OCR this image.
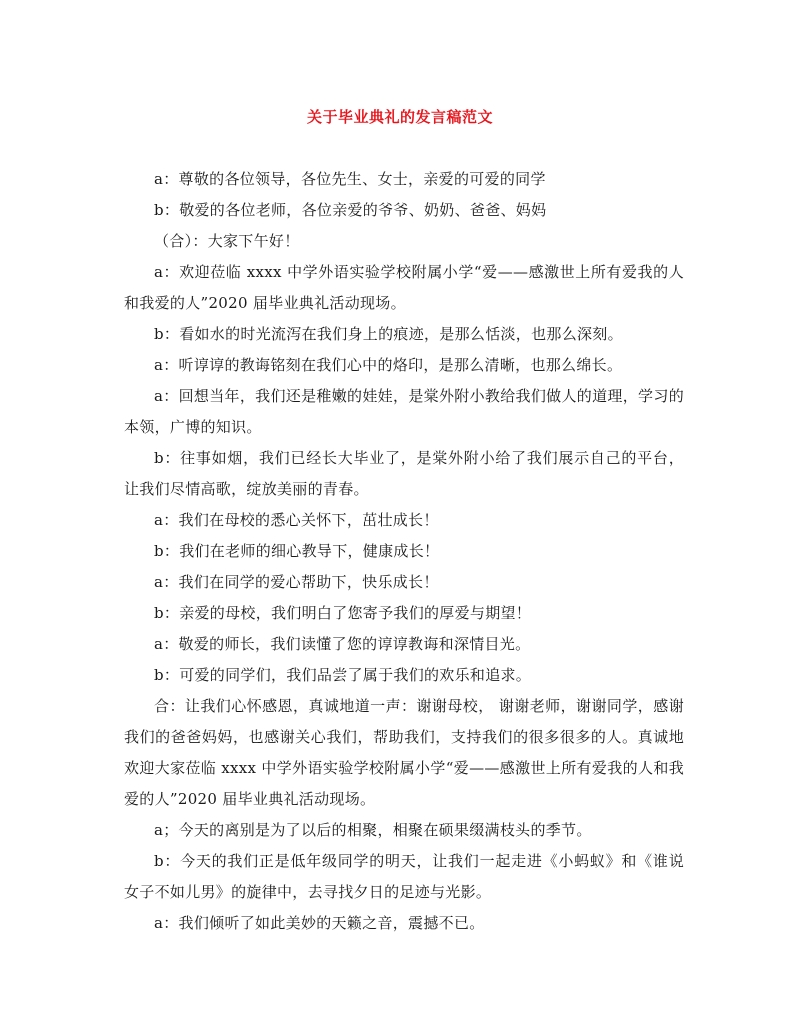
关于毕业典礼的发言稿范文

a：尊敬的各位领导，各位先生、女士，亲爱的可爱的同学

b：敬爱的各位老师，各位亲爱的爷爷、奶奶、爸爸、妈妈

（合）：大家下午好！

a：欢迎莅临 xxxx 中学外语实验学校附属小学“爱——感激世上所有爱我的人和我爱的人”2020 届毕业典礼活动现场。

b：看如水的时光流泻在我们身上的痕迹，是那么恬淡，也那么深刻。

a：听谆谆的教诲铭刻在我们心中的烙印，是那么清晰，也那么绵长。

a：回想当年，我们还是稚嫩的娃娃，是棠外附小教给我们做人的道理，学习的本领，广博的知识。

b：往事如烟，我们已经长大毕业了，是棠外附小给了我们展示自己的平台，让我们尽情高歌，绽放美丽的青春。

a：我们在母校的悉心关怀下，茁壮成长！

b：我们在老师的细心教导下，健康成长！

a：我们在同学的爱心帮助下，快乐成长！

b：亲爱的母校，我们明白了您寄予我们的厚爱与期望！

a：敬爱的师长，我们读懂了您的谆谆教诲和深情目光。

b：可爱的同学们，我们品尝了属于我们的欢乐和追求。

合：让我们心怀感恩，真诚地道一声：谢谢母校， 谢谢老师，谢谢同学，感谢我们的爸爸妈妈，也感谢关心我们，帮助我们，支持我们的很多很多的人。真诚地欢迎大家莅临 xxxx 中学外语实验学校附属小学“爱——感激世上所有爱我的人和我爱的人”2020 届毕业典礼活动现场。

a；今天的离别是为了以后的相聚，相聚在硕果缀满枝头的季节。

b：今天的我们正是低年级同学的明天，让我们一起走进《小蚂蚁》和《谁说女子不如儿男》的旋律中，去寻找夕日的足迹与光影。

a：我们倾听了如此美妙的天籁之音，震撼不已。
